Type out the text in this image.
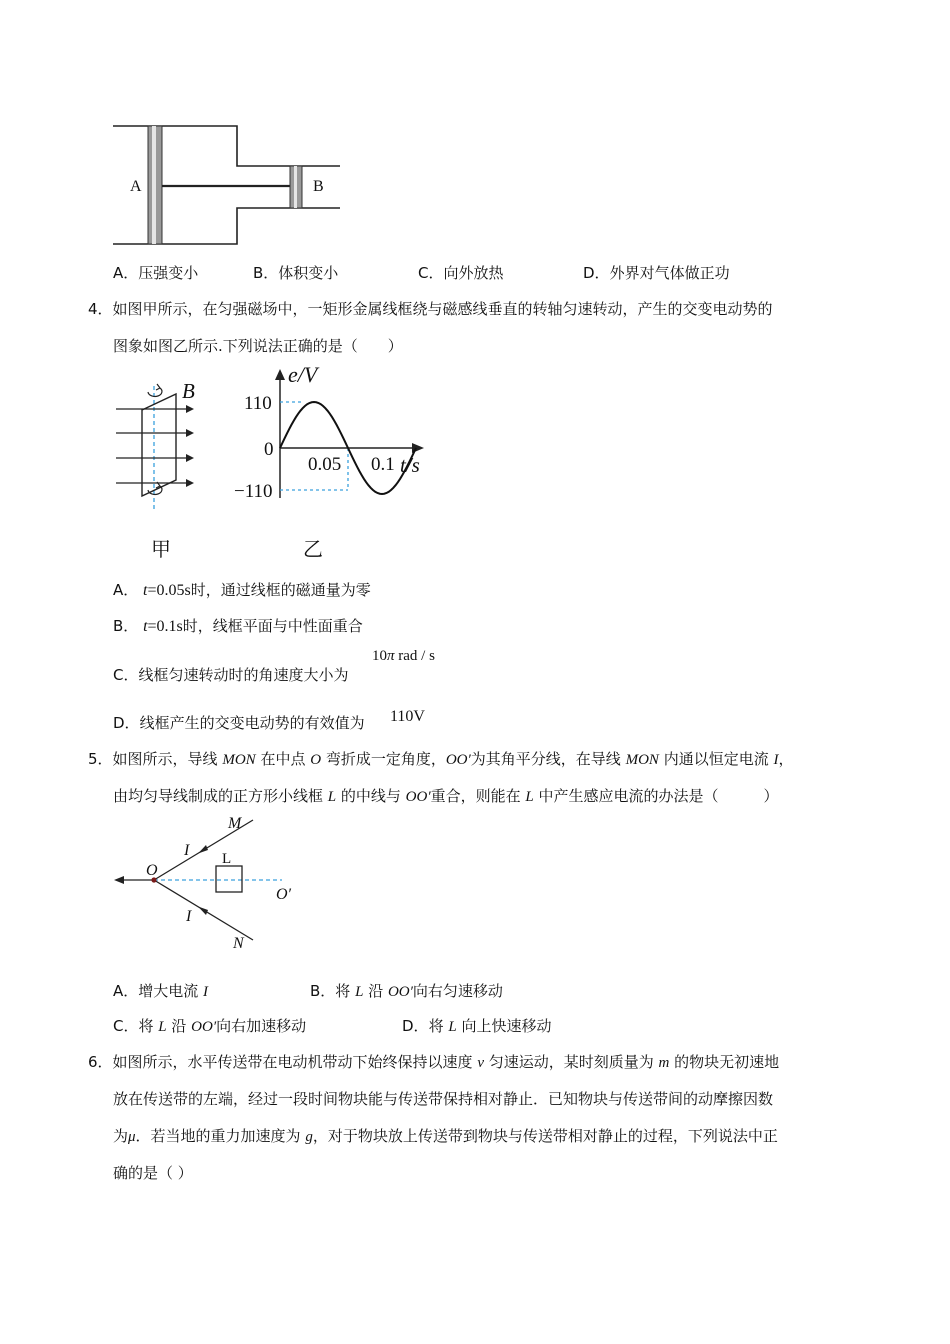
A	B
A．压强变小	B．体积变小	C．向外放热	D．外界对气体做正功
4．如图甲所示，在匀强磁场中，一矩形金属线框绕与磁感线垂直的转轴匀速转动，产生的交变电动势的
图象如图乙所示.下列说法正确的是（　　）
B
甲
e/V
110
0
−110
0.05 0.1 t/s
乙
A． t=0.05s时，通过线框的磁通量为零
B． t=0.1s时，线框平面与中性面重合
C．线框匀速转动时的角速度大小为
10π rad / s
D．线框产生的交变电动势的有效值为 110V
5．如图所示，导线 MON 在中点 O 弯折成一定角度，OO′为其角平分线，在导线 MON 内通以恒定电流 I，
由均匀导线制成的正方形小线框 L 的中线与 OO′重合，则能在 L 中产生感应电流的办法是（　　　）
M
N
O
O′
L
I
I
A．增大电流 I	B．将 L 沿 OO′向右匀速移动
C．将 L 沿 OO′向右加速移动	D．将 L 向上快速移动
6．如图所示，水平传送带在电动机带动下始终保持以速度 v 匀速运动，某时刻质量为 m 的物块无初速地
放在传送带的左端，经过一段时间物块能与传送带保持相对静止．已知物块与传送带间的动摩擦因数
为μ．若当地的重力加速度为 g，对于物块放上传送带到物块与传送带相对静止的过程，下列说法中正
确的是（ ）
